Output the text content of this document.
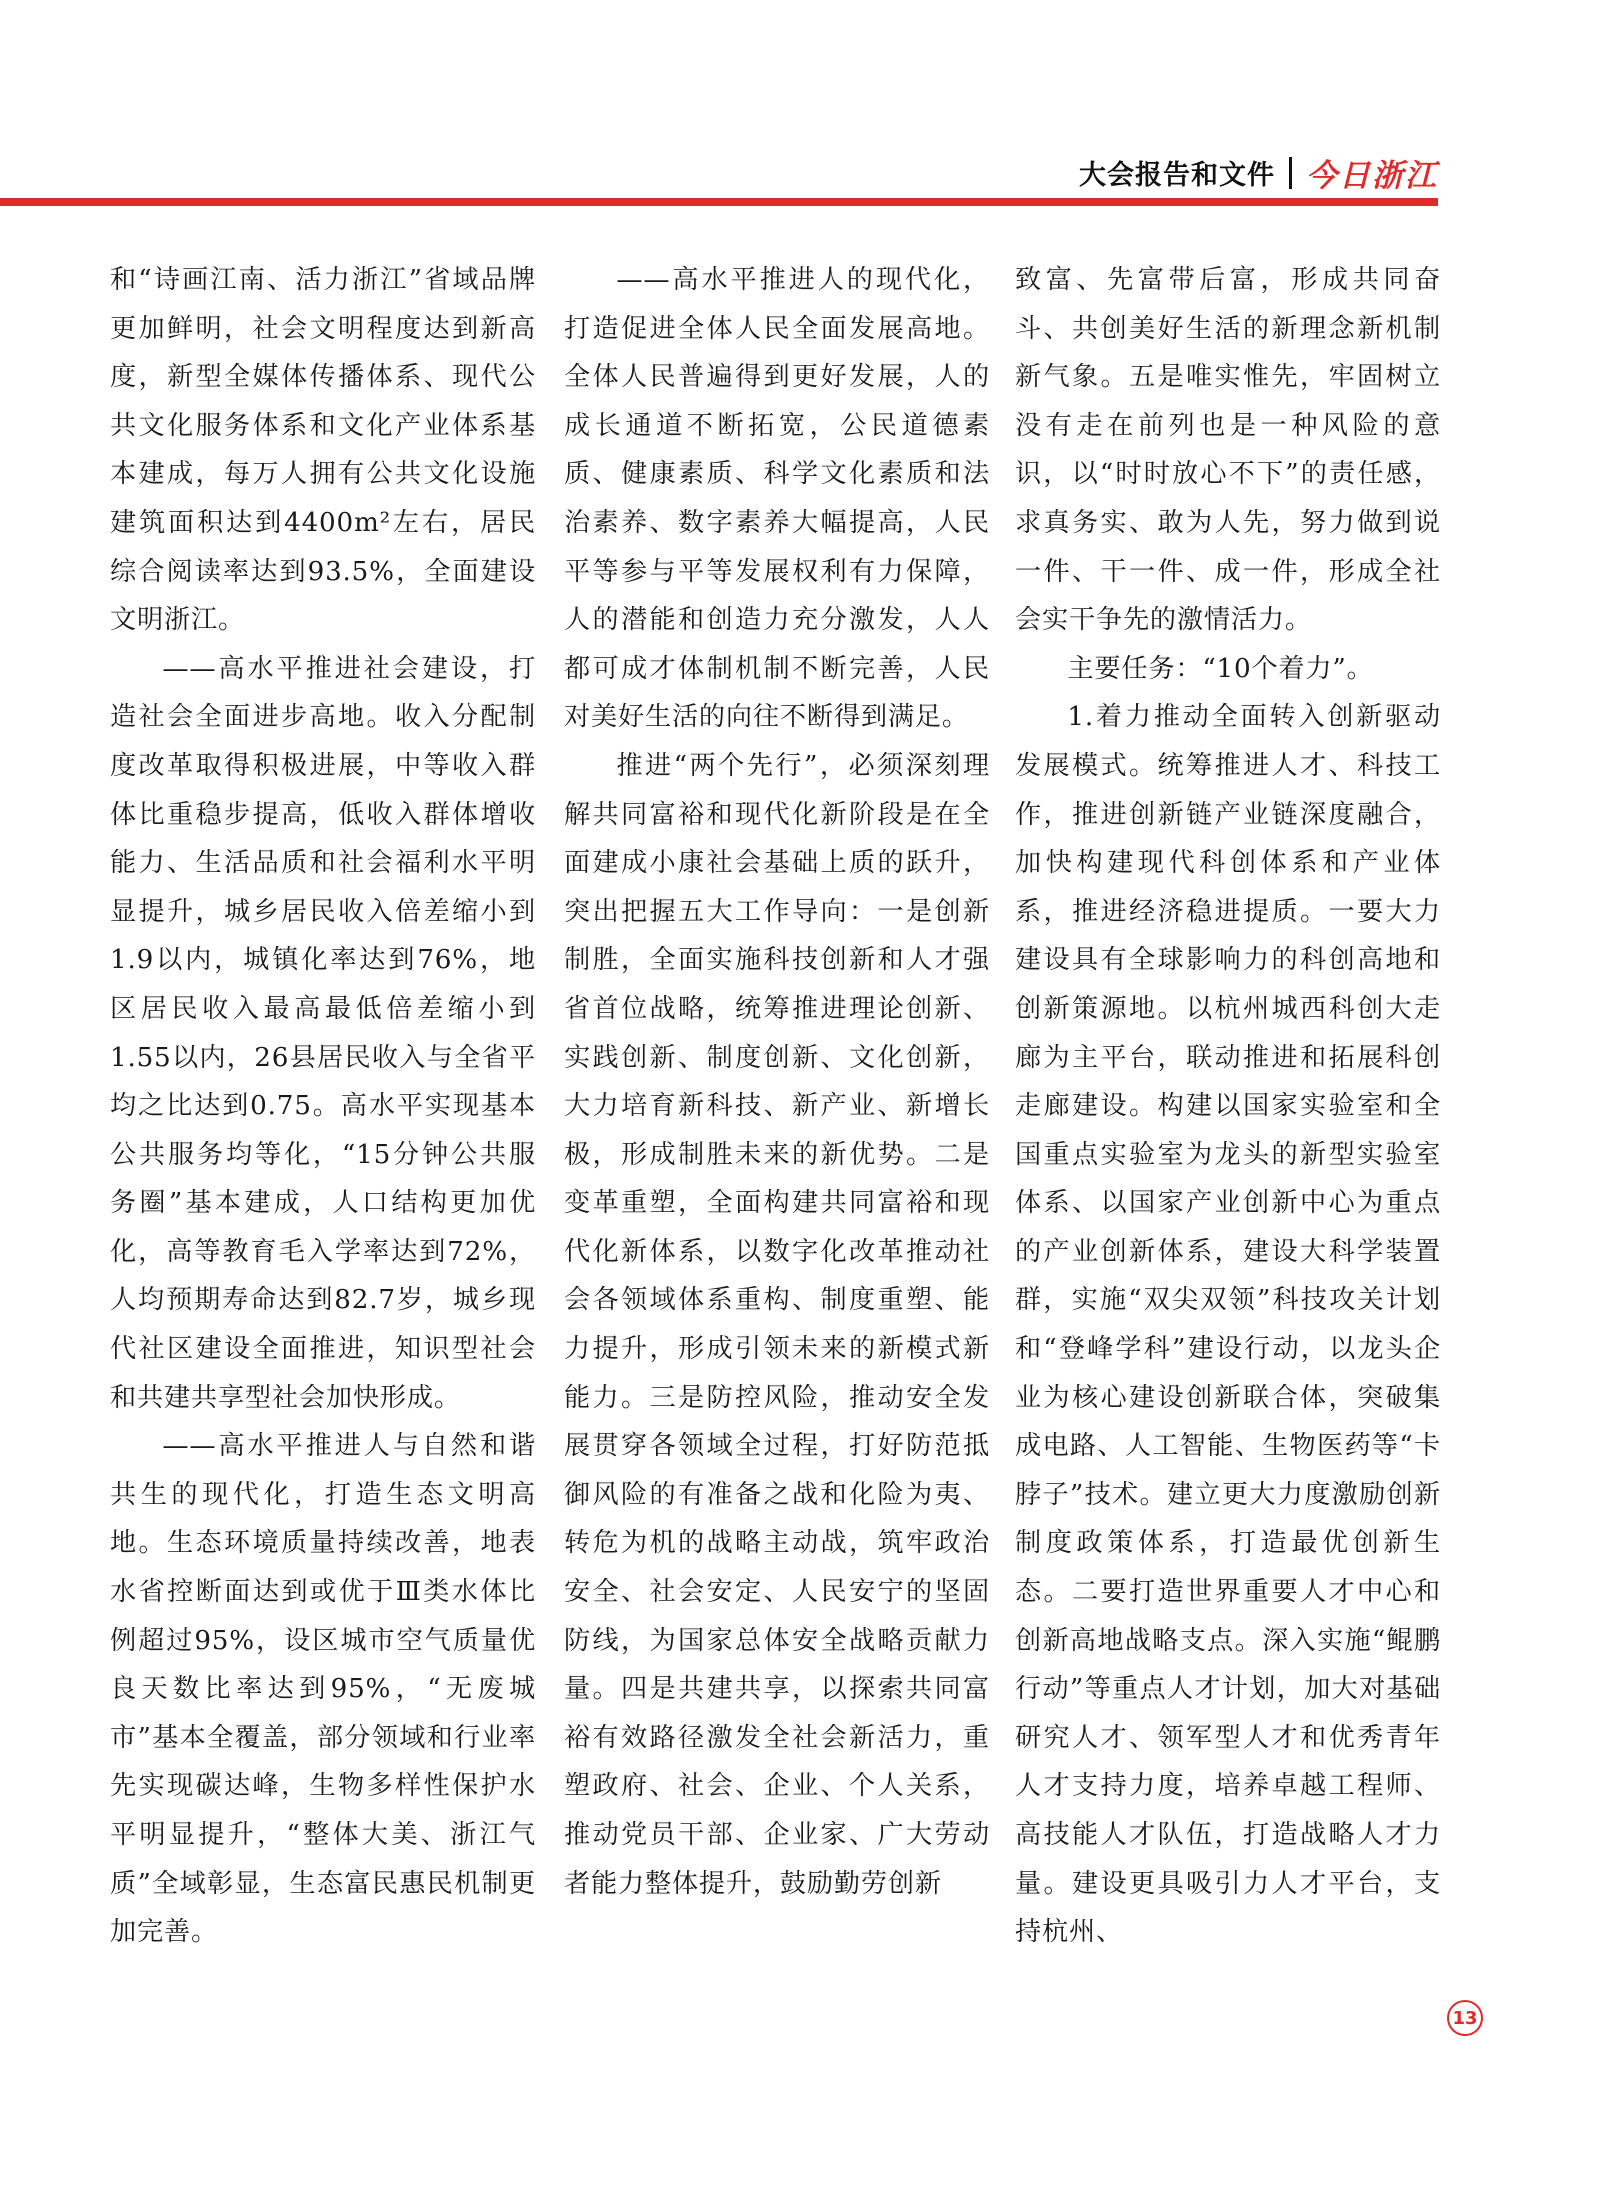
大会报告和文件 今日浙江

和“诗画江南、活力浙江”省域品牌更加鲜明，社会文明程度达到新高度，新型全媒体传播体系、现代公共文化服务体系和文化产业体系基本建成，每万人拥有公共文化设施建筑面积达到4400m²左右，居民综合阅读率达到93.5%，全面建设文明浙江。

——高水平推进社会建设，打造社会全面进步高地。收入分配制度改革取得积极进展，中等收入群体比重稳步提高，低收入群体增收能力、生活品质和社会福利水平明显提升，城乡居民收入倍差缩小到1.9以内，城镇化率达到76%，地区居民收入最高最低倍差缩小到1.55以内，26县居民收入与全省平均之比达到0.75。高水平实现基本公共服务均等化，“15分钟公共服务圈”基本建成，人口结构更加优化，高等教育毛入学率达到72%，人均预期寿命达到82.7岁，城乡现代社区建设全面推进，知识型社会和共建共享型社会加快形成。

——高水平推进人与自然和谐共生的现代化，打造生态文明高地。生态环境质量持续改善，地表水省控断面达到或优于Ⅲ类水体比例超过95%，设区城市空气质量优良天数比率达到95%，“无废城市”基本全覆盖，部分领域和行业率先实现碳达峰，生物多样性保护水平明显提升，“整体大美、浙江气质”全域彰显，生态富民惠民机制更加完善。

——高水平推进人的现代化，打造促进全体人民全面发展高地。全体人民普遍得到更好发展，人的成长通道不断拓宽，公民道德素质、健康素质、科学文化素质和法治素养、数字素养大幅提高，人民平等参与平等发展权利有力保障，人的潜能和创造力充分激发，人人都可成才体制机制不断完善，人民对美好生活的向往不断得到满足。

推进“两个先行”，必须深刻理解共同富裕和现代化新阶段是在全面建成小康社会基础上质的跃升，突出把握五大工作导向：一是创新制胜，全面实施科技创新和人才强省首位战略，统筹推进理论创新、实践创新、制度创新、文化创新，大力培育新科技、新产业、新增长极，形成制胜未来的新优势。二是变革重塑，全面构建共同富裕和现代化新体系，以数字化改革推动社会各领域体系重构、制度重塑、能力提升，形成引领未来的新模式新能力。三是防控风险，推动安全发展贯穿各领域全过程，打好防范抵御风险的有准备之战和化险为夷、转危为机的战略主动战，筑牢政治安全、社会安定、人民安宁的坚固防线，为国家总体安全战略贡献力量。四是共建共享，以探索共同富裕有效路径激发全社会新活力，重塑政府、社会、企业、个人关系，推动党员干部、企业家、广大劳动者能力整体提升，鼓励勤劳创新

致富、先富带后富，形成共同奋斗、共创美好生活的新理念新机制新气象。五是唯实惟先，牢固树立没有走在前列也是一种风险的意识，以“时时放心不下”的责任感，求真务实、敢为人先，努力做到说一件、干一件、成一件，形成全社会实干争先的激情活力。

主要任务：“10个着力”。

1.着力推动全面转入创新驱动发展模式。统筹推进人才、科技工作，推进创新链产业链深度融合，加快构建现代科创体系和产业体系，推进经济稳进提质。一要大力建设具有全球影响力的科创高地和创新策源地。以杭州城西科创大走廊为主平台，联动推进和拓展科创走廊建设。构建以国家实验室和全国重点实验室为龙头的新型实验室体系、以国家产业创新中心为重点的产业创新体系，建设大科学装置群，实施“双尖双领”科技攻关计划和“登峰学科”建设行动，以龙头企业为核心建设创新联合体，突破集成电路、人工智能、生物医药等“卡脖子”技术。建立更大力度激励创新制度政策体系，打造最优创新生态。二要打造世界重要人才中心和创新高地战略支点。深入实施“鲲鹏行动”等重点人才计划，加大对基础研究人才、领军型人才和优秀青年人才支持力度，培养卓越工程师、高技能人才队伍，打造战略人才力量。建设更具吸引力人才平台，支持杭州、

13
